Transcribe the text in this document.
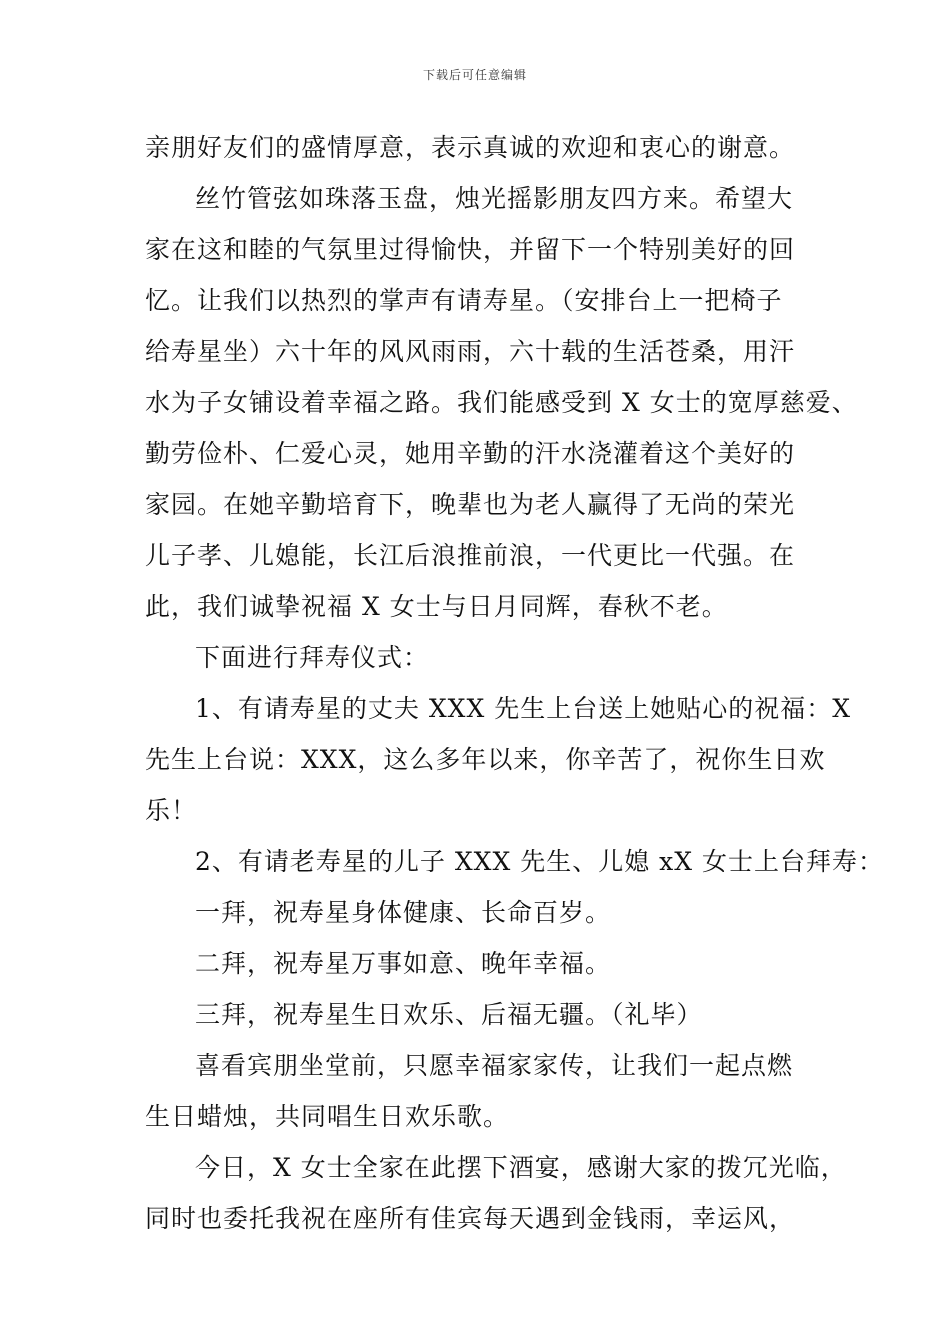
下载后可任意编辑
亲朋好友们的盛情厚意，表示真诚的欢迎和衷心的谢意。
丝竹管弦如珠落玉盘，烛光摇影朋友四方来。希望大
家在这和睦的气氛里过得愉快，并留下一个特别美好的回
忆。让我们以热烈的掌声有请寿星。（安排台上一把椅子
给寿星坐）六十年的风风雨雨，六十载的生活苍桑，用汗
水为子女铺设着幸福之路。我们能感受到 X 女士的宽厚慈爱、
勤劳俭朴、仁爱心灵，她用辛勤的汗水浇灌着这个美好的
家园。在她辛勤培育下，晚辈也为老人赢得了无尚的荣光
儿子孝、儿媳能，长江后浪推前浪，一代更比一代强。在
此，我们诚挚祝福 X 女士与日月同辉，春秋不老。
下面进行拜寿仪式：
1、有请寿星的丈夫 XXX 先生上台送上她贴心的祝福：X
先生上台说：XXX，这么多年以来，你辛苦了，祝你生日欢
乐！
2、有请老寿星的儿子 XXX 先生、儿媳 xX 女士上台拜寿：
一拜，祝寿星身体健康、长命百岁。
二拜，祝寿星万事如意、晚年幸福。
三拜，祝寿星生日欢乐、后福无疆。（礼毕）
喜看宾朋坐堂前，只愿幸福家家传，让我们一起点燃
生日蜡烛，共同唱生日欢乐歌。
今日，X 女士全家在此摆下酒宴，感谢大家的拨冗光临，
同时也委托我祝在座所有佳宾每天遇到金钱雨，幸运风，
